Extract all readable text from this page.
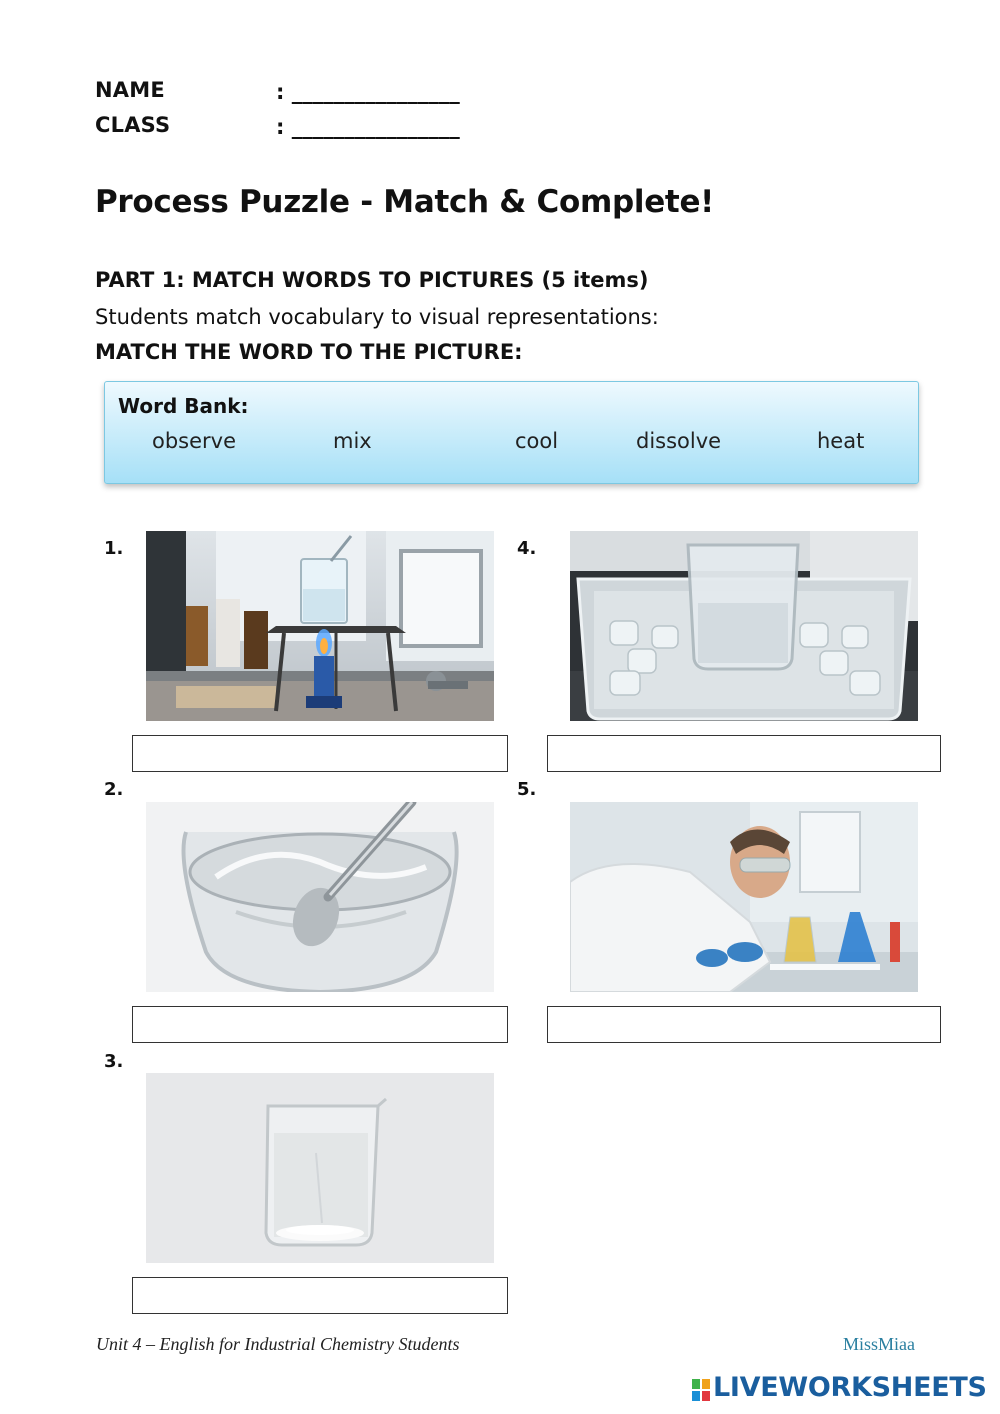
NAME	: ________________
CLASS	: ________________
Process Puzzle - Match & Complete!
PART 1: MATCH WORDS TO PICTURES (5 items)
Students match vocabulary to visual representations:
MATCH THE WORD TO THE PICTURE:
Word Bank:
observe	mix	cool	dissolve	heat
1.
2.
3.
4.
5.
Unit 4 – English for Industrial Chemistry Students	MissMiaa
LIVEWORKSHEETS
